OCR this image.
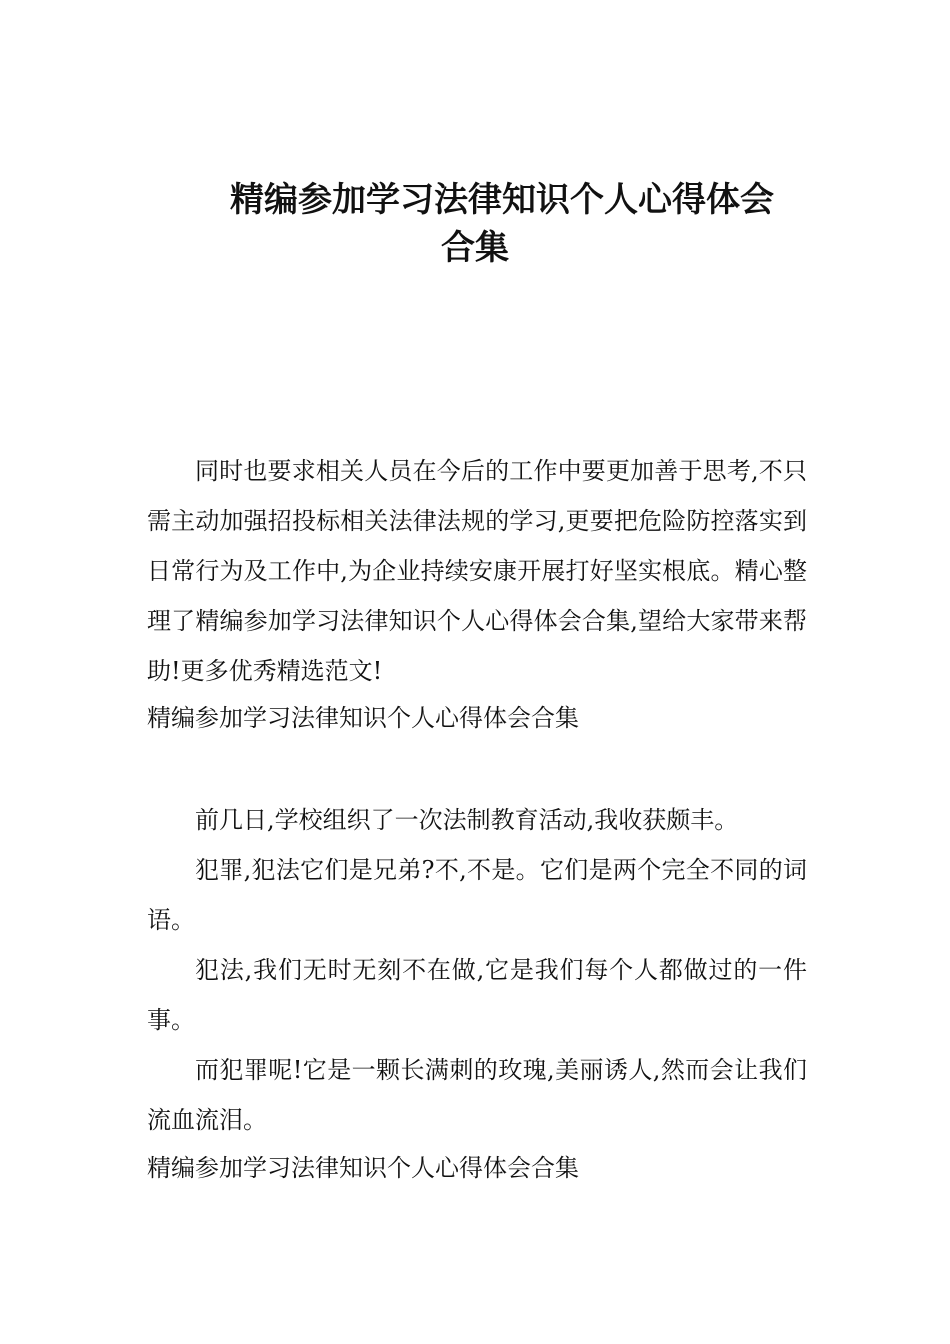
精编参加学习法律知识个人心得体会
合集

同时也要求相关人员在今后的工作中要更加善于思考,不只需主动加强招投标相关法律法规的学习,更要把危险防控落实到日常行为及工作中,为企业持续安康开展打好坚实根底。精心整理了精编参加学习法律知识个人心得体会合集,望给大家带来帮助!更多优秀精选范文!

精编参加学习法律知识个人心得体会合集

前几日,学校组织了一次法制教育活动,我收获颇丰。

犯罪,犯法它们是兄弟?不,不是。它们是两个完全不同的词语。

犯法,我们无时无刻不在做,它是我们每个人都做过的一件事。

而犯罪呢!它是一颗长满刺的玫瑰,美丽诱人,然而会让我们流血流泪。

精编参加学习法律知识个人心得体会合集
